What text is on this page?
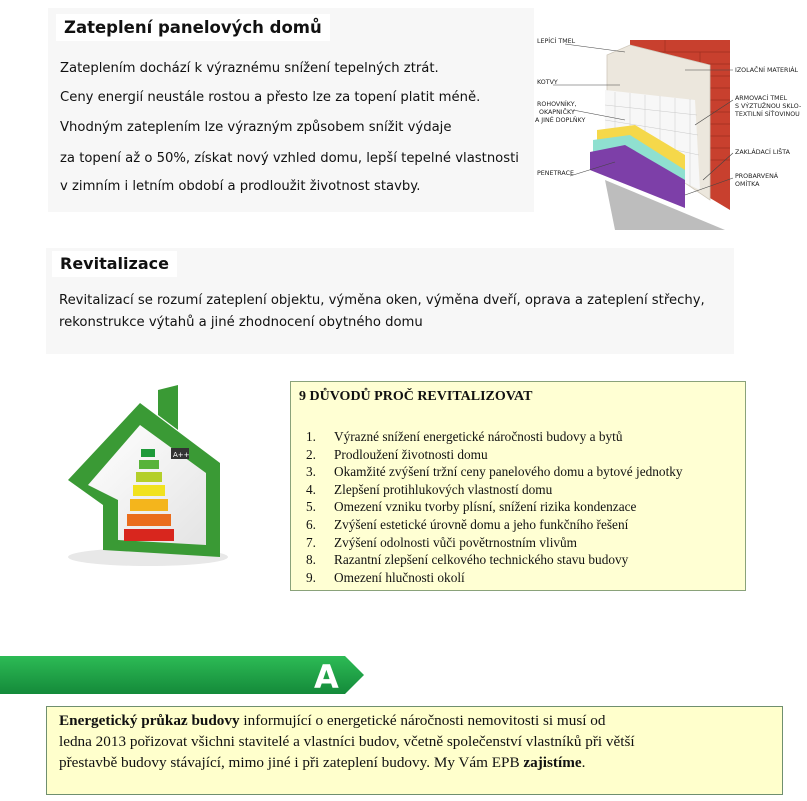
Zateplení panelových domů
Zateplením dochází k výraznému snížení tepelných ztrát.
Ceny energií neustále rostou a přesto lze za topení platit méně.
Vhodným zateplením lze výrazným způsobem snížit výdaje
za topení až o 50%, získat nový vzhled domu, lepší tepelné vlastnosti
v zimním i letním období a prodloužit životnost stavby.
LEPÍCÍ TMEL
KOTVY
ROHOVNÍKY,
OKAPNIČKY
A JINÉ DOPLŇKY
PENETRACE
IZOLAČNÍ MATERIÁL
ARMOVACÍ TMEL
S VÝZTUŽNOU SKLO-
TEXTILNÍ SÍŤOVINOU
ZAKLÁDACÍ LIŠTA
PROBARVENÁ
OMÍTKA
Revitalizace
Revitalizací se rozumí zateplení objektu, výměna oken, výměna dveří, oprava a zateplení střechy,
rekonstrukce výtahů a jiné zhodnocení obytného domu
A++
9 DŮVODŮ PROČ REVITALIZOVAT
1. Výrazné snížení energetické náročnosti budovy a bytů
2. Prodloužení životnosti domu
3. Okamžité zvýšení tržní ceny panelového domu a bytové jednotky
4. Zlepšení protihlukových vlastností domu
5. Omezení vzniku tvorby plísní, snížení rizika kondenzace
6. Zvýšení estetické úrovně domu a jeho funkčního řešení
7. Zvýšení odolnosti vůči povětrnostním vlivům
8. Razantní zlepšení celkového technického stavu budovy
9. Omezení hlučnosti okolí
A
Energetický průkaz budovy informující o energetické náročnosti nemovitosti si musí od
ledna 2013 pořizovat všichni stavitelé a vlastníci budov, včetně společenství vlastníků při větší
přestavbě budovy stávající, mimo jiné i při zateplení budovy. My Vám EPB zajistíme.
